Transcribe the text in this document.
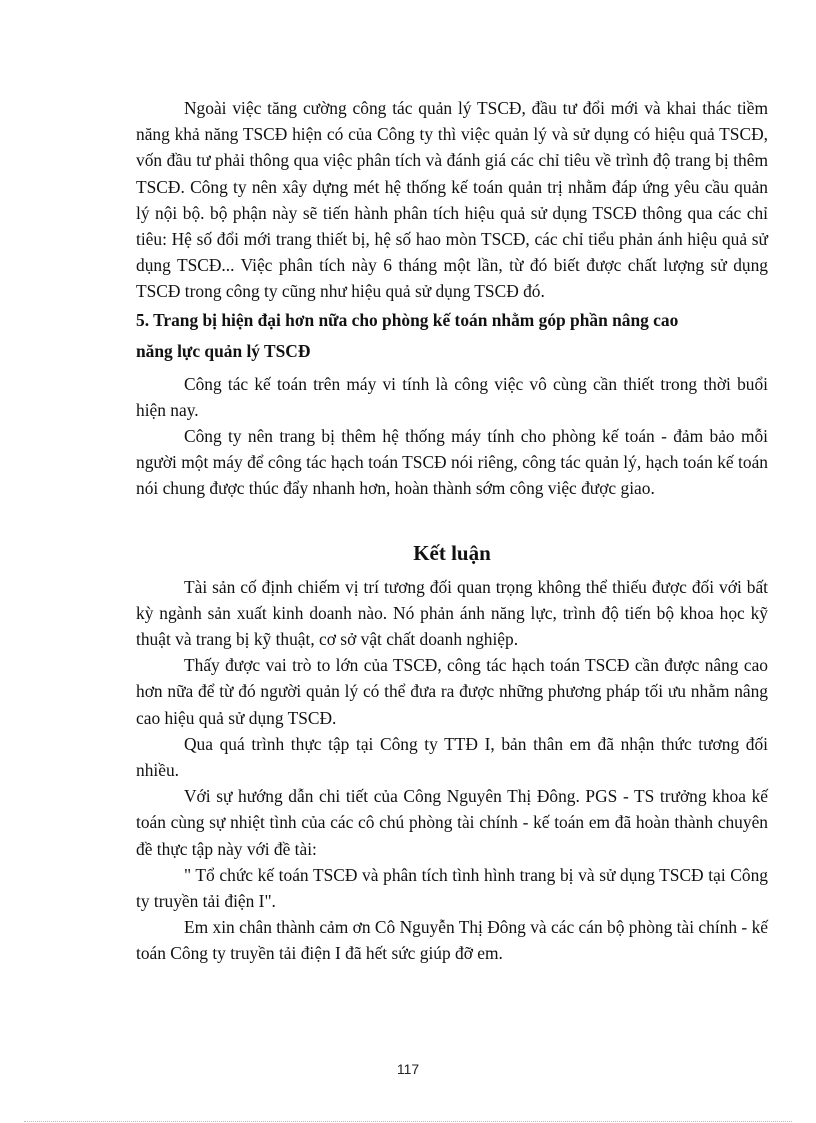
Ngoài việc tăng cường công tác quản lý TSCĐ, đầu tư đổi mới và khai thác tiềm năng khả năng TSCĐ hiện có của Công ty thì việc quản lý và sử dụng có hiệu quả TSCĐ, vốn đầu tư phải thông qua việc phân tích và đánh giá các chỉ tiêu về trình độ trang bị thêm TSCĐ. Công ty nên xây dựng mét hệ thống kế toán quản trị nhằm đáp ứng yêu cầu quản lý nội bộ. bộ phận này sẽ tiến hành phân tích hiệu quả sử dụng TSCĐ thông qua các chỉ tiêu: Hệ số đổi mới trang thiết bị, hệ số hao mòn TSCĐ, các chỉ tiểu phản ánh hiệu quả sử dụng TSCĐ... Việc phân tích này 6 tháng một lần, từ đó biết được chất lượng sử dụng TSCĐ trong công ty cũng như hiệu quả sử dụng TSCĐ đó.

5. Trang bị hiện đại hơn nữa cho phòng kế toán nhằm góp phần nâng cao
năng lực quản lý TSCĐ

Công tác kế toán trên máy vi tính là công việc vô cùng cần thiết trong thời buổi hiện nay.

Công ty nên trang bị thêm hệ thống máy tính cho phòng kế toán - đảm bảo mỗi người một máy để công tác hạch toán TSCĐ nói riêng, công tác quản lý, hạch toán kế toán nói chung được thúc đẩy nhanh hơn, hoàn thành sớm công việc được giao.

Kết luận

Tài sản cố định chiếm vị trí tương đối quan trọng không thể thiếu được đối với bất kỳ ngành sản xuất kinh doanh nào. Nó phản ánh năng lực, trình độ tiến bộ khoa học kỹ thuật và trang bị kỹ thuật, cơ sở vật chất doanh nghiệp.

Thấy được vai trò to lớn của TSCĐ, công tác hạch toán TSCĐ cần được nâng cao hơn nữa để từ đó người quản lý có thể đưa ra được những phương pháp tối ưu nhằm nâng cao hiệu quả sử dụng TSCĐ.

Qua quá trình thực tập tại Công ty TTĐ I, bản thân em đã nhận thức tương đối nhiều.

Với sự hướng dẫn chi tiết của Công Nguyên Thị Đông. PGS - TS trưởng khoa kế toán cùng sự nhiệt tình của các cô chú phòng tài chính - kế toán em đã hoàn thành chuyên đề thực tập này với đề tài:

" Tổ chức kế toán TSCĐ và phân tích tình hình trang bị và sử dụng TSCĐ tại Công ty truyền tải điện I".

Em xin chân thành cảm ơn Cô Nguyễn Thị Đông và các cán bộ phòng tài chính - kế toán Công ty truyền tải điện I đã hết sức giúp đỡ em.

117
